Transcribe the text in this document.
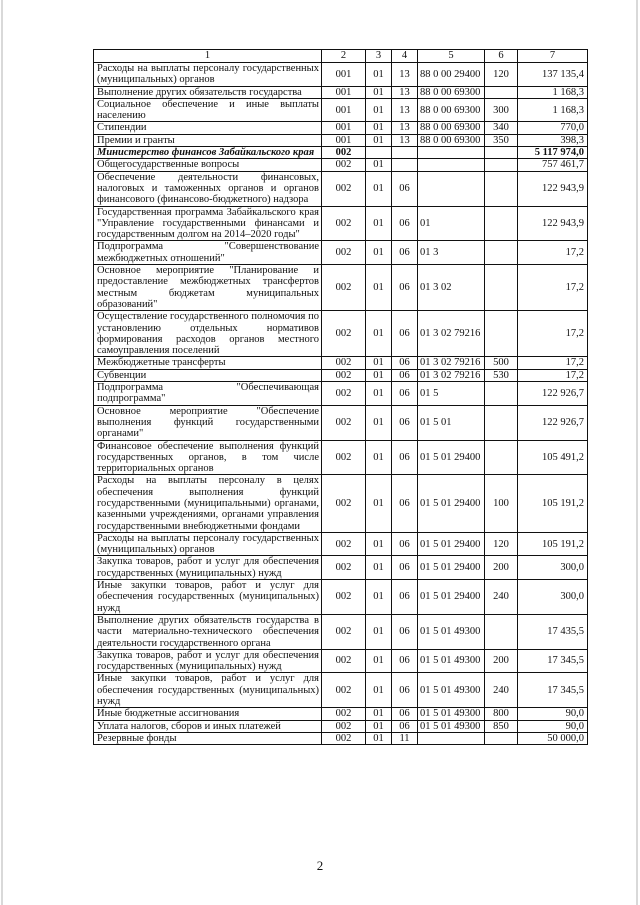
1	2	3	4	5	6	7
Расходы на выплаты персоналу государственных (муниципальных) органов	001	01	13	88 0 00 29400	120	137 135,4
Выполнение других обязательств государства	001	01	13	88 0 00 69300		1 168,3
Социальное обеспечение и иные выплаты населению	001	01	13	88 0 00 69300	300	1 168,3
Стипендии	001	01	13	88 0 00 69300	340	770,0
Премии и гранты	001	01	13	88 0 00 69300	350	398,3
Министерство финансов Забайкальского края	002					5 117 974,0
Общегосударственные вопросы	002	01				757 461,7
Обеспечение деятельности финансовых, налоговых и таможенных органов и органов финансового (финансово-бюджетного) надзора	002	01	06			122 943,9
Государственная программа Забайкальского края "Управление государственными финансами и государственным долгом на 2014–2020 годы"	002	01	06	01		122 943,9
Подпрограмма "Совершенствование межбюджетных отношений"	002	01	06	01 3		17,2
Основное мероприятие "Планирование и предоставление межбюджетных трансфертов местным бюджетам муниципальных образований"	002	01	06	01 3 02		17,2
Осуществление государственного полномочия по установлению отдельных нормативов формирования расходов органов местного самоуправления поселений	002	01	06	01 3 02 79216		17,2
Межбюджетные трансферты	002	01	06	01 3 02 79216	500	17,2
Субвенции	002	01	06	01 3 02 79216	530	17,2
Подпрограмма "Обеспечивающая подпрограмма"	002	01	06	01 5		122 926,7
Основное мероприятие "Обеспечение выполнения функций государственными органами"	002	01	06	01 5 01		122 926,7
Финансовое обеспечение выполнения функций государственных органов, в том числе территориальных органов	002	01	06	01 5 01 29400		105 491,2
Расходы на выплаты персоналу в целях обеспечения выполнения функций государственными (муниципальными) органами, казенными учреждениями, органами управления государственными внебюджетными фондами	002	01	06	01 5 01 29400	100	105 191,2
Расходы на выплаты персоналу государственных (муниципальных) органов	002	01	06	01 5 01 29400	120	105 191,2
Закупка товаров, работ и услуг для обеспечения государственных (муниципальных) нужд	002	01	06	01 5 01 29400	200	300,0
Иные закупки товаров, работ и услуг для обеспечения государственных (муниципальных) нужд	002	01	06	01 5 01 29400	240	300,0
Выполнение других обязательств государства в части материально-технического обеспечения деятельности государственного органа	002	01	06	01 5 01 49300		17 435,5
Закупка товаров, работ и услуг для обеспечения государственных (муниципальных) нужд	002	01	06	01 5 01 49300	200	17 345,5
Иные закупки товаров, работ и услуг для обеспечения государственных (муниципальных) нужд	002	01	06	01 5 01 49300	240	17 345,5
Иные бюджетные ассигнования	002	01	06	01 5 01 49300	800	90,0
Уплата налогов, сборов и иных платежей	002	01	06	01 5 01 49300	850	90,0
Резервные фонды	002	01	11			50 000,0
2
